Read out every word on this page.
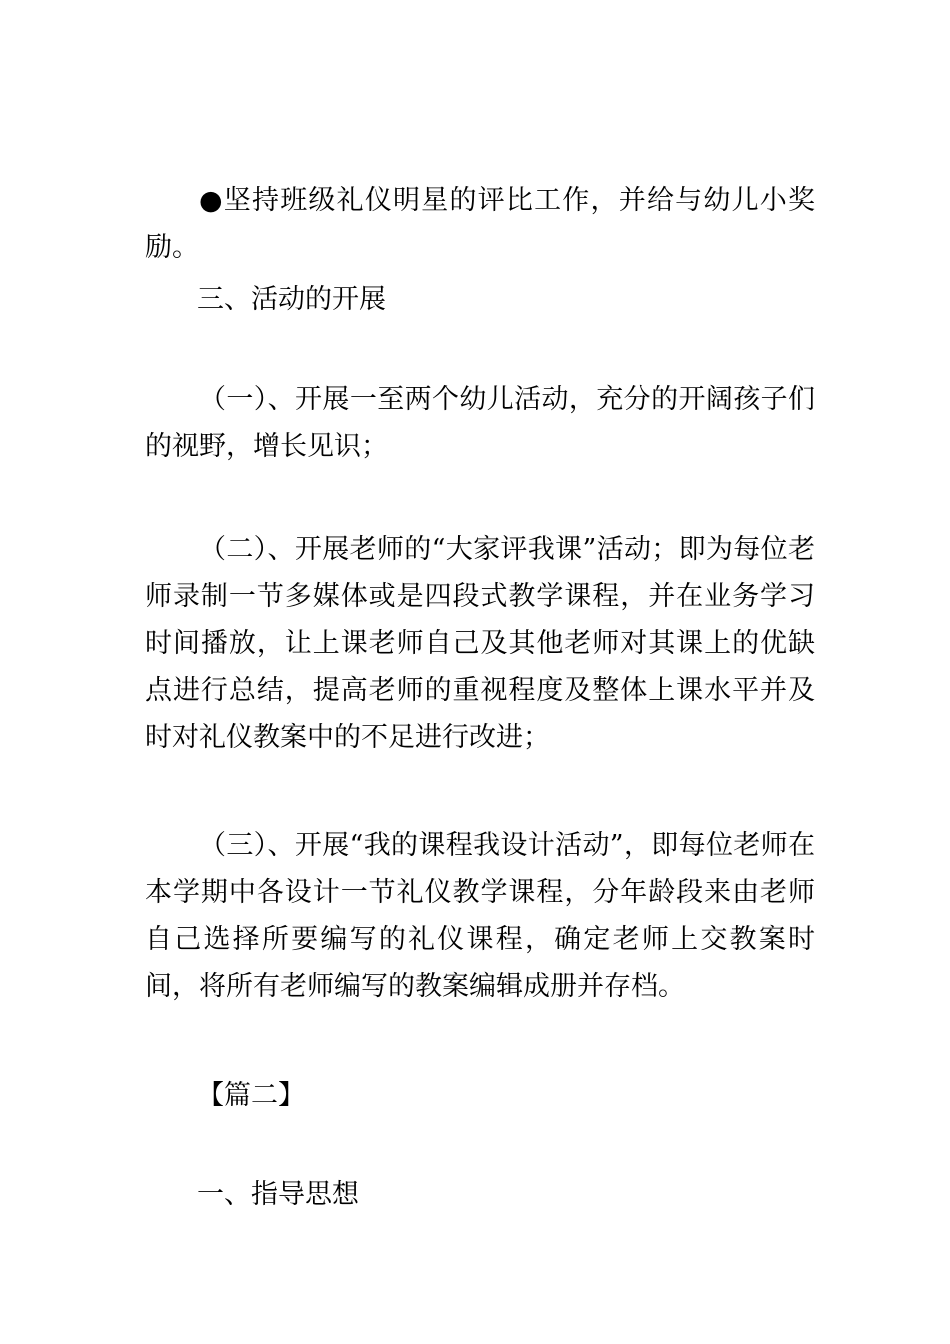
●坚持班级礼仪明星的评比工作，并给与幼儿小奖励。

三、活动的开展

（一）、开展一至两个幼儿活动，充分的开阔孩子们的视野，增长见识；

（二）、开展老师的“大家评我课”活动；即为每位老师录制一节多媒体或是四段式教学课程，并在业务学习时间播放，让上课老师自己及其他老师对其课上的优缺点进行总结，提高老师的重视程度及整体上课水平并及时对礼仪教案中的不足进行改进；

（三）、开展“我的课程我设计活动”，即每位老师在本学期中各设计一节礼仪教学课程，分年龄段来由老师自己选择所要编写的礼仪课程，确定老师上交教案时间，将所有老师编写的教案编辑成册并存档。

【篇二】

一、指导思想
